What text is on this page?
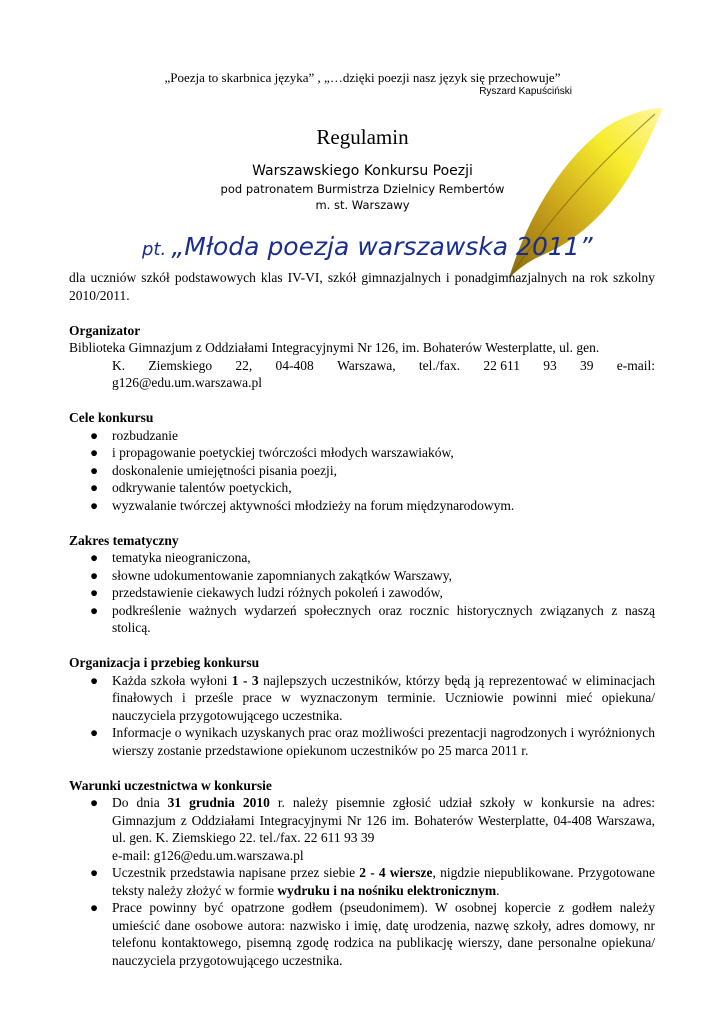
„Poezja to skarbnica języka” , „…dzięki poezji nasz język się przechowuje”
Ryszard Kapuściński
Regulamin
Warszawskiego Konkursu Poezji
pod patronatem Burmistrza Dzielnicy Rembertów
m. st. Warszawy
pt. „Młoda poezja warszawska 2011”

dla uczniów szkół podstawowych klas IV-VI, szkół gimnazjalnych i ponadgimnazjalnych na rok szkolny 2010/2011.

Organizator

Biblioteka Gimnazjum z Oddziałami Integracyjnymi Nr 126, im. Bohaterów Westerplatte, ul. gen.

K. Ziemskiego 22, 04-408 Warszawa, tel./fax. 22 611 93 39 e-mail:

g126@edu.um.warszawa.pl

Cele konkursu
● rozbudzanie
● i propagowanie poetyckiej twórczości młodych warszawiaków,
● doskonalenie umiejętności pisania poezji,
● odkrywanie talentów poetyckich,
● wyzwalanie twórczej aktywności młodzieży na forum międzynarodowym.
Zakres tematyczny
● tematyka nieograniczona,
● słowne udokumentowanie zapomnianych zakątków Warszawy,
● przedstawienie ciekawych ludzi różnych pokoleń i zawodów,
● podkreślenie ważnych wydarzeń społecznych oraz rocznic historycznych związanych z naszą stolicą.
Organizacja i przebieg konkursu
● Każda szkoła wyłoni 1 - 3 najlepszych uczestników, którzy będą ją reprezentować w eliminacjach finałowych i prześle prace w wyznaczonym terminie. Uczniowie powinni mieć opiekuna/ nauczyciela przygotowującego uczestnika.
● Informacje o wynikach uzyskanych prac oraz możliwości prezentacji nagrodzonych i wyróżnionych wierszy zostanie przedstawione opiekunom uczestników po 25 marca 2011 r.
Warunki uczestnictwa w konkursie
● Do dnia 31 grudnia 2010 r. należy pisemnie zgłosić udział szkoły w konkursie na adres: Gimnazjum z Oddziałami Integracyjnymi Nr 126 im. Bohaterów Westerplatte, 04-408 Warszawa, ul. gen. K. Ziemskiego 22. tel./fax. 22 611 93 39
e-mail: g126@edu.um.warszawa.pl
● Uczestnik przedstawia napisane przez siebie 2 - 4 wiersze, nigdzie niepublikowane. Przygotowane teksty należy złożyć w formie wydruku i na nośniku elektronicznym.
● Prace powinny być opatrzone godłem (pseudonimem). W osobnej kopercie z godłem należy umieścić dane osobowe autora: nazwisko i imię, datę urodzenia, nazwę szkoły, adres domowy, nr telefonu kontaktowego, pisemną zgodę rodzica na publikację wierszy, dane personalne opiekuna/ nauczyciela przygotowującego uczestnika.
